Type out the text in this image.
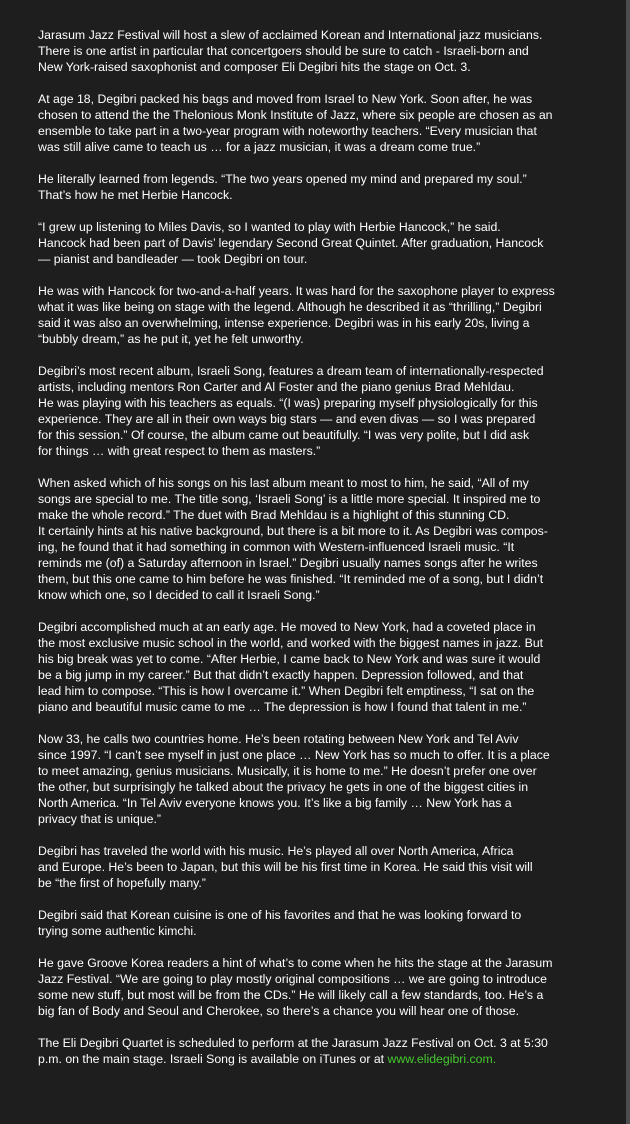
Jarasum Jazz Festival will host a slew of acclaimed Korean and International jazz musicians.
There is one artist in particular that concertgoers should be sure to catch - Israeli-born and
New York-raised saxophonist and composer Eli Degibri hits the stage on Oct. 3.

At age 18, Degibri packed his bags and moved from Israel to New York. Soon after, he was
chosen to attend the the Thelonious Monk Institute of Jazz, where six people are chosen as an
ensemble to take part in a two-year program with noteworthy teachers. “Every musician that
was still alive came to teach us … for a jazz musician, it was a dream come true.”

He literally learned from legends. “The two years opened my mind and prepared my soul.”
That’s how he met Herbie Hancock.

“I grew up listening to Miles Davis, so I wanted to play with Herbie Hancock,” he said.
Hancock had been part of Davis’ legendary Second Great Quintet. After graduation, Hancock
— pianist and bandleader — took Degibri on tour.

He was with Hancock for two-and-a-half years. It was hard for the saxophone player to express
what it was like being on stage with the legend. Although he described it as “thrilling,” Degibri
said it was also an overwhelming, intense experience. Degibri was in his early 20s, living a
“bubbly dream,” as he put it, yet he felt unworthy.

Degibri’s most recent album, Israeli Song, features a dream team of internationally-respected
artists, including mentors Ron Carter and Al Foster and the piano genius Brad Mehldau.
He was playing with his teachers as equals. “(I was) preparing myself physiologically for this
experience. They are all in their own ways big stars — and even divas — so I was prepared
for this session.” Of course, the album came out beautifully. “I was very polite, but I did ask
for things … with great respect to them as masters.”

When asked which of his songs on his last album meant to most to him, he said, “All of my
songs are special to me. The title song, ‘Israeli Song’ is a little more special. It inspired me to
make the whole record.” The duet with Brad Mehldau is a highlight of this stunning CD.
It certainly hints at his native background, but there is a bit more to it. As Degibri was compos-
ing, he found that it had something in common with Western-influenced Israeli music. “It
reminds me (of) a Saturday afternoon in Israel.” Degibri usually names songs after he writes
them, but this one came to him before he was finished. “It reminded me of a song, but I didn’t
know which one, so I decided to call it Israeli Song.”

Degibri accomplished much at an early age. He moved to New York, had a coveted place in
the most exclusive music school in the world, and worked with the biggest names in jazz. But
his big break was yet to come. “After Herbie, I came back to New York and was sure it would
be a big jump in my career.” But that didn’t exactly happen. Depression followed, and that
lead him to compose. “This is how I overcame it.” When Degibri felt emptiness, “I sat on the
piano and beautiful music came to me … The depression is how I found that talent in me.”

Now 33, he calls two countries home. He’s been rotating between New York and Tel Aviv
since 1997. “I can’t see myself in just one place … New York has so much to offer. It is a place
to meet amazing, genius musicians. Musically, it is home to me.” He doesn’t prefer one over
the other, but surprisingly he talked about the privacy he gets in one of the biggest cities in
North America. “In Tel Aviv everyone knows you. It’s like a big family … New York has a
privacy that is unique.”

Degibri has traveled the world with his music. He’s played all over North America, Africa
and Europe. He’s been to Japan, but this will be his first time in Korea. He said this visit will
be “the first of hopefully many.”

Degibri said that Korean cuisine is one of his favorites and that he was looking forward to
trying some authentic kimchi.

He gave Groove Korea readers a hint of what’s to come when he hits the stage at the Jarasum
Jazz Festival. “We are going to play mostly original compositions … we are going to introduce
some new stuff, but most will be from the CDs.” He will likely call a few standards, too. He’s a
big fan of Body and Seoul and Cherokee, so there’s a chance you will hear one of those.

The Eli Degibri Quartet is scheduled to perform at the Jarasum Jazz Festival on Oct. 3 at 5:30
p.m. on the main stage. Israeli Song is available on iTunes or at www.elidegibri.com.
